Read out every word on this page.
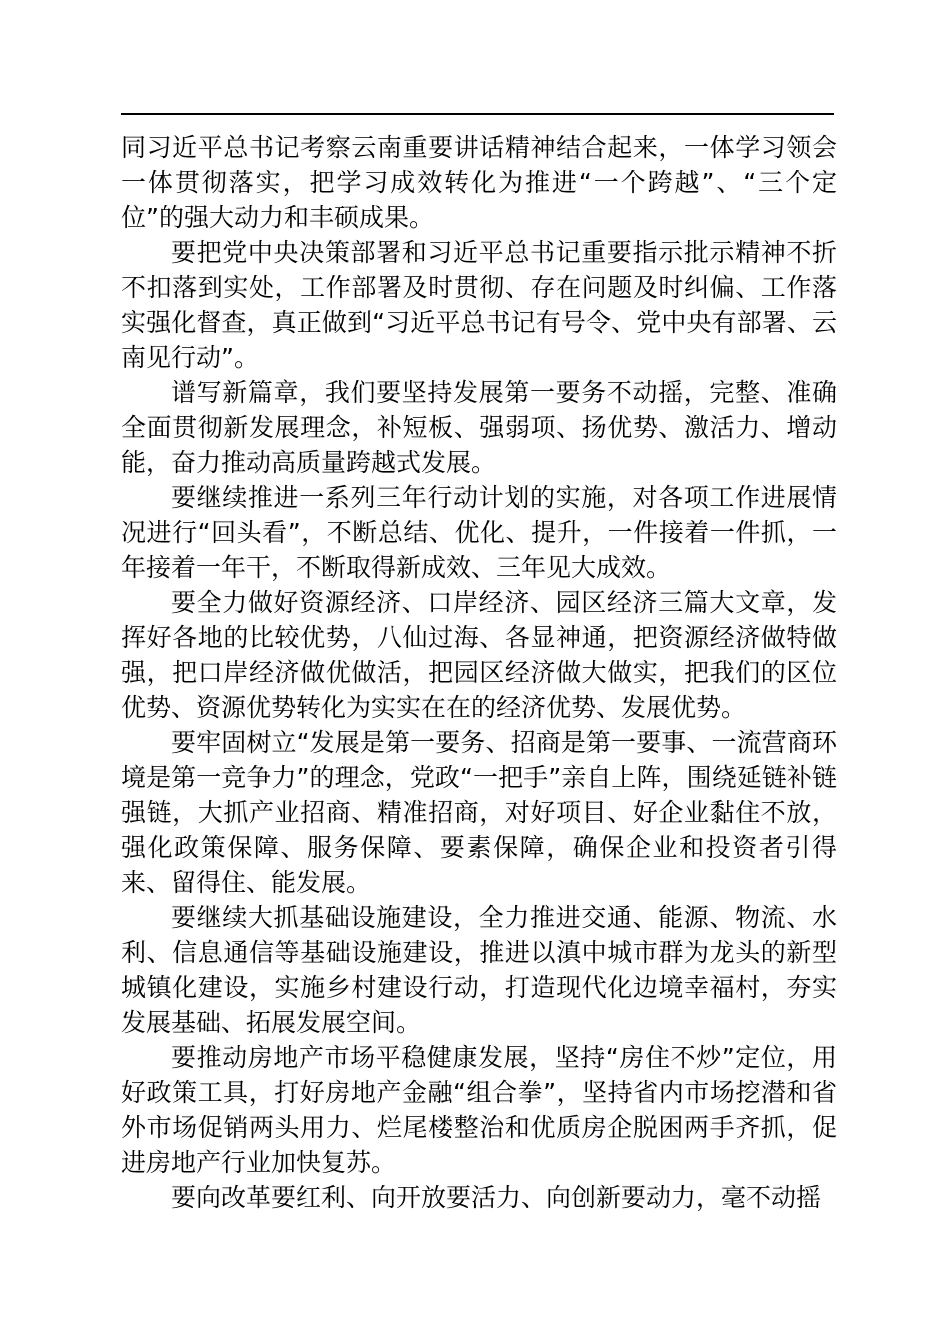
同习近平总书记考察云南重要讲话精神结合起来，一体学习领会一体贯彻落实，把学习成效转化为推进“一个跨越”、“三个定位”的强大动力和丰硕成果。

要把党中央决策部署和习近平总书记重要指示批示精神不折不扣落到实处，工作部署及时贯彻、存在问题及时纠偏、工作落实强化督查，真正做到“习近平总书记有号令、党中央有部署、云南见行动”。

谱写新篇章，我们要坚持发展第一要务不动摇，完整、准确全面贯彻新发展理念，补短板、强弱项、扬优势、激活力、增动能，奋力推动高质量跨越式发展。

要继续推进一系列三年行动计划的实施，对各项工作进展情况进行“回头看”，不断总结、优化、提升，一件接着一件抓，一年接着一年干，不断取得新成效、三年见大成效。

要全力做好资源经济、口岸经济、园区经济三篇大文章，发挥好各地的比较优势，八仙过海、各显神通，把资源经济做特做强，把口岸经济做优做活，把园区经济做大做实，把我们的区位优势、资源优势转化为实实在在的经济优势、发展优势。

要牢固树立“发展是第一要务、招商是第一要事、一流营商环境是第一竞争力”的理念，党政“一把手”亲自上阵，围绕延链补链强链，大抓产业招商、精准招商，对好项目、好企业黏住不放，强化政策保障、服务保障、要素保障，确保企业和投资者引得来、留得住、能发展。

要继续大抓基础设施建设，全力推进交通、能源、物流、水利、信息通信等基础设施建设，推进以滇中城市群为龙头的新型城镇化建设，实施乡村建设行动，打造现代化边境幸福村，夯实发展基础、拓展发展空间。

要推动房地产市场平稳健康发展，坚持“房住不炒”定位，用好政策工具，打好房地产金融“组合拳”，坚持省内市场挖潜和省外市场促销两头用力、烂尾楼整治和优质房企脱困两手齐抓，促进房地产行业加快复苏。

要向改革要红利、向开放要活力、向创新要动力，毫不动摇
